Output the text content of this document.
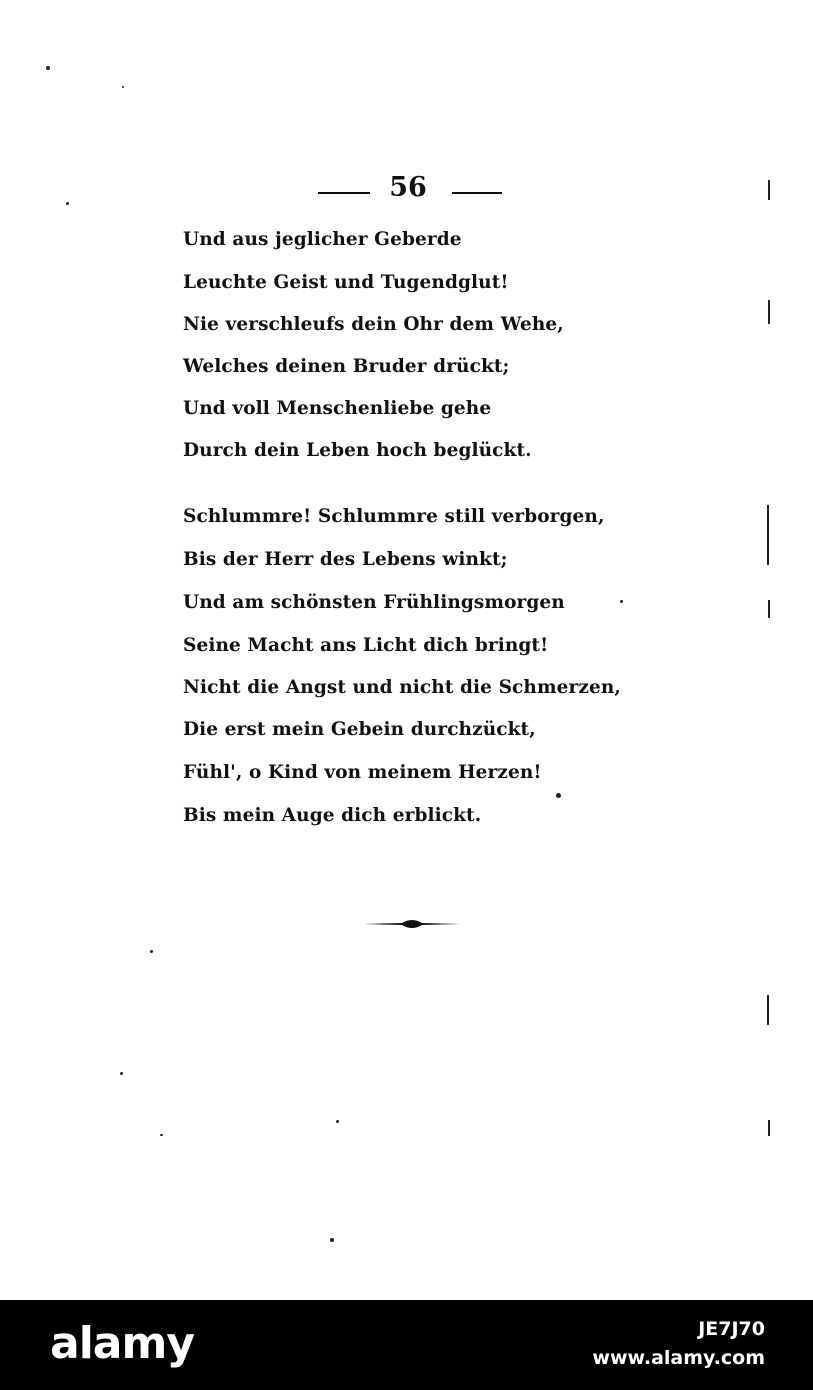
56
Und aus jeglicher Geberde
Leuchte Geist und Tugendglut!
Nie verschleufs dein Ohr dem Wehe,
Welches deinen Bruder drückt;
Und voll Menschenliebe gehe
Durch dein Leben hoch beglückt.
Schlummre! Schlummre still verborgen,
Bis der Herr des Lebens winkt;
Und am schönsten Frühlingsmorgen
Seine Macht ans Licht dich bringt!
Nicht die Angst und nicht die Schmerzen,
Die erst mein Gebein durchzückt,
Fühl', o Kind von meinem Herzen!
Bis mein Auge dich erblickt.
alamy	JE7J70
www.alamy.com
